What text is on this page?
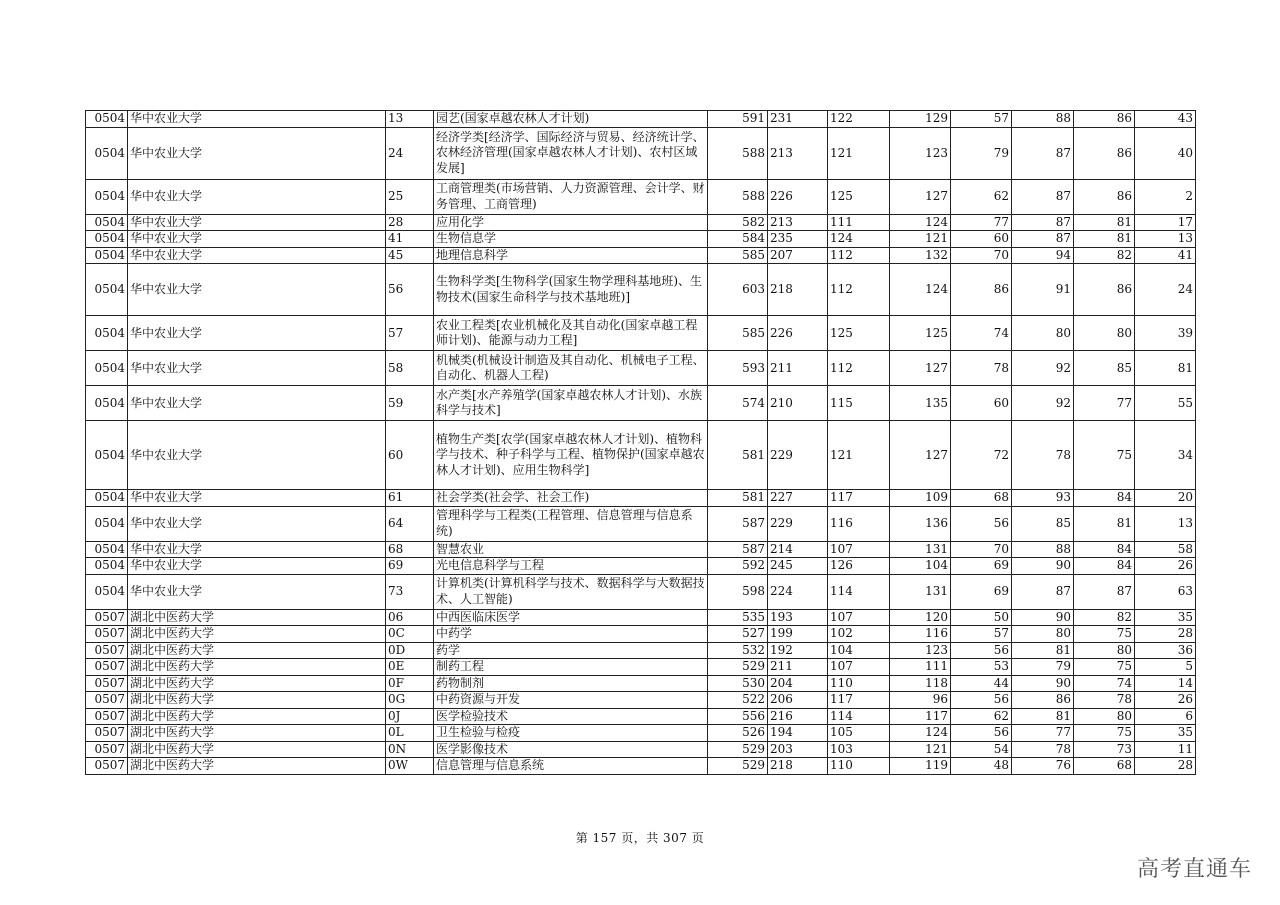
0504	华中农业大学	13	园艺(国家卓越农林人才计划)	591	231	122	129	57	88	86	43
0504	华中农业大学	24	经济学类[经济学、国际经济与贸易、经济统计学、农林经济管理(国家卓越农林人才计划)、农村区域发展]	588	213	121	123	79	87	86	40
0504	华中农业大学	25	工商管理类(市场营销、人力资源管理、会计学、财务管理、工商管理)	588	226	125	127	62	87	86	2
0504	华中农业大学	28	应用化学	582	213	111	124	77	87	81	17
0504	华中农业大学	41	生物信息学	584	235	124	121	60	87	81	13
0504	华中农业大学	45	地理信息科学	585	207	112	132	70	94	82	41
0504	华中农业大学	56	生物科学类[生物科学(国家生物学理科基地班)、生物技术(国家生命科学与技术基地班)]	603	218	112	124	86	91	86	24
0504	华中农业大学	57	农业工程类[农业机械化及其自动化(国家卓越工程师计划)、能源与动力工程]	585	226	125	125	74	80	80	39
0504	华中农业大学	58	机械类(机械设计制造及其自动化、机械电子工程、自动化、机器人工程)	593	211	112	127	78	92	85	81
0504	华中农业大学	59	水产类[水产养殖学(国家卓越农林人才计划)、水族科学与技术]	574	210	115	135	60	92	77	55
0504	华中农业大学	60	植物生产类[农学(国家卓越农林人才计划)、植物科学与技术、种子科学与工程、植物保护(国家卓越农林人才计划)、应用生物科学]	581	229	121	127	72	78	75	34
0504	华中农业大学	61	社会学类(社会学、社会工作)	581	227	117	109	68	93	84	20
0504	华中农业大学	64	管理科学与工程类(工程管理、信息管理与信息系统)	587	229	116	136	56	85	81	13
0504	华中农业大学	68	智慧农业	587	214	107	131	70	88	84	58
0504	华中农业大学	69	光电信息科学与工程	592	245	126	104	69	90	84	26
0504	华中农业大学	73	计算机类(计算机科学与技术、数据科学与大数据技术、人工智能)	598	224	114	131	69	87	87	63
0507	湖北中医药大学	06	中西医临床医学	535	193	107	120	50	90	82	35
0507	湖北中医药大学	0C	中药学	527	199	102	116	57	80	75	28
0507	湖北中医药大学	0D	药学	532	192	104	123	56	81	80	36
0507	湖北中医药大学	0E	制药工程	529	211	107	111	53	79	75	5
0507	湖北中医药大学	0F	药物制剂	530	204	110	118	44	90	74	14
0507	湖北中医药大学	0G	中药资源与开发	522	206	117	96	56	86	78	26
0507	湖北中医药大学	0J	医学检验技术	556	216	114	117	62	81	80	6
0507	湖北中医药大学	0L	卫生检验与检疫	526	194	105	124	56	77	75	35
0507	湖北中医药大学	0N	医学影像技术	529	203	103	121	54	78	73	11
0507	湖北中医药大学	0W	信息管理与信息系统	529	218	110	119	48	76	68	28
第 157 页，共 307 页
高考直通车
